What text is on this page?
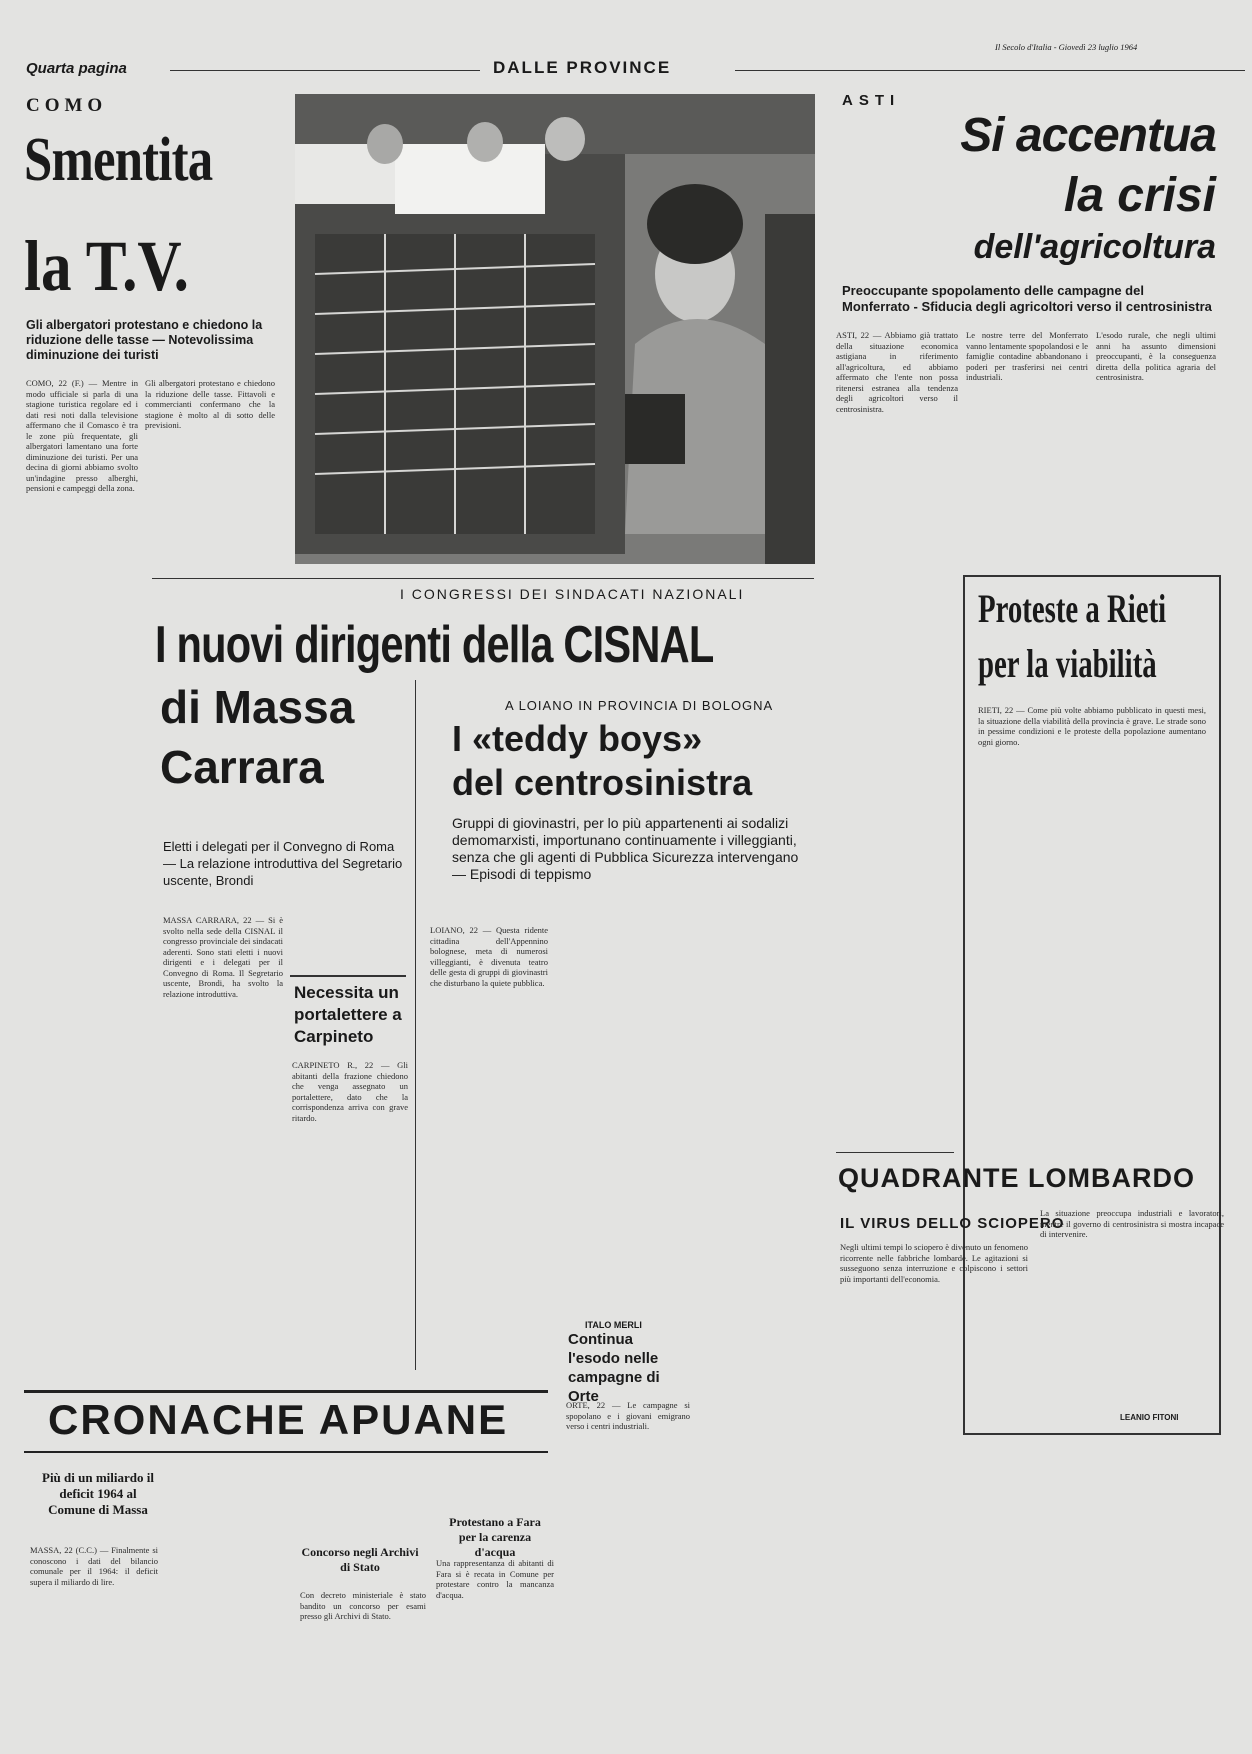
Quarta pagina	DALLE PROVINCE
Il Secolo d'Italia - Giovedì 23 luglio 1964
COMO
Smentita
la T.V.
Gli albergatori protestano e chiedono la riduzione delle tasse — Notevolissima diminuzione dei turisti
COMO, 22 (F.) — Mentre in modo ufficiale si parla di una stagione turistica regolare ed i dati resi noti dalla televisione affermano che il Comasco è tra le zone più frequentate, gli albergatori lamentano una forte diminuzione dei turisti. Per una decina di giorni abbiamo svolto un'indagine presso alberghi, pensioni e campeggi della zona.
Gli albergatori protestano e chiedono la riduzione delle tasse. Fittavoli e commercianti confermano che la stagione è molto al di sotto delle previsioni.
ASTI
Si accentua
la crisi
dell'agricoltura
Preoccupante spopolamento delle campagne del Monferrato - Sfiducia degli agricoltori verso il centrosinistra
ASTI, 22 — Abbiamo già trattato della situazione economica astigiana in riferimento all'agricoltura, ed abbiamo affermato che l'ente non possa ritenersi estranea alla tendenza degli agricoltori verso il centrosinistra.
Le nostre terre del Monferrato vanno lentamente spopolandosi e le famiglie contadine abbandonano i poderi per trasferirsi nei centri industriali.
L'esodo rurale, che negli ultimi anni ha assunto dimensioni preoccupanti, è la conseguenza diretta della politica agraria del centrosinistra.
I CONGRESSI DEI SINDACATI NAZIONALI
I nuovi dirigenti della CISNAL
di Massa
Carrara
Eletti i delegati per il Convegno di Roma — La relazione introduttiva del Segretario uscente, Brondi
MASSA CARRARA, 22 — Si è svolto nella sede della CISNAL il congresso provinciale dei sindacati aderenti. Sono stati eletti i nuovi dirigenti e i delegati per il Convegno di Roma. Il Segretario uscente, Brondi, ha svolto la relazione introduttiva.	Necessita un portalettere a Carpineto
CARPINETO R., 22 — Gli abitanti della frazione chiedono che venga assegnato un portalettere, dato che la corrispondenza arriva con grave ritardo.
A LOIANO IN PROVINCIA DI BOLOGNA
I «teddy boys»
del centrosinistra
Gruppi di giovinastri, per lo più appartenenti ai sodalizi demomarxisti, importunano continuamente i villeggianti, senza che gli agenti di Pubblica Sicurezza intervengano — Episodi di teppismo
LOIANO, 22 — Questa ridente cittadina dell'Appennino bolognese, meta di numerosi villeggianti, è divenuta teatro delle gesta di gruppi di giovinastri che disturbano la quiete pubblica.
ITALO MERLI
Continua l'esodo nelle campagne di Orte
ORTE, 22 — Le campagne si spopolano e i giovani emigrano verso i centri industriali.
Proteste a Rieti
per la viabilità
RIETI, 22 — Come più volte abbiamo pubblicato in questi mesi, la situazione della viabilità della provincia è grave. Le strade sono in pessime condizioni e le proteste della popolazione aumentano ogni giorno.
LEANIO FITONI
QUADRANTE LOMBARDO
IL VIRUS DELLO SCIOPERO
Negli ultimi tempi lo sciopero è divenuto un fenomeno ricorrente nelle fabbriche lombarde. Le agitazioni si susseguono senza interruzione e colpiscono i settori più importanti dell'economia.
La situazione preoccupa industriali e lavoratori, mentre il governo di centrosinistra si mostra incapace di intervenire.
CRONACHE APUANE
Più di un miliardo il deficit 1964 al Comune di Massa
MASSA, 22 (C.C.) — Finalmente si conoscono i dati del bilancio comunale per il 1964: il deficit supera il miliardo di lire.
Concorso negli Archivi di Stato
Con decreto ministeriale è stato bandito un concorso per esami presso gli Archivi di Stato.
Protestano a Fara per la carenza d'acqua
Una rappresentanza di abitanti di Fara si è recata in Comune per protestare contro la mancanza d'acqua.
